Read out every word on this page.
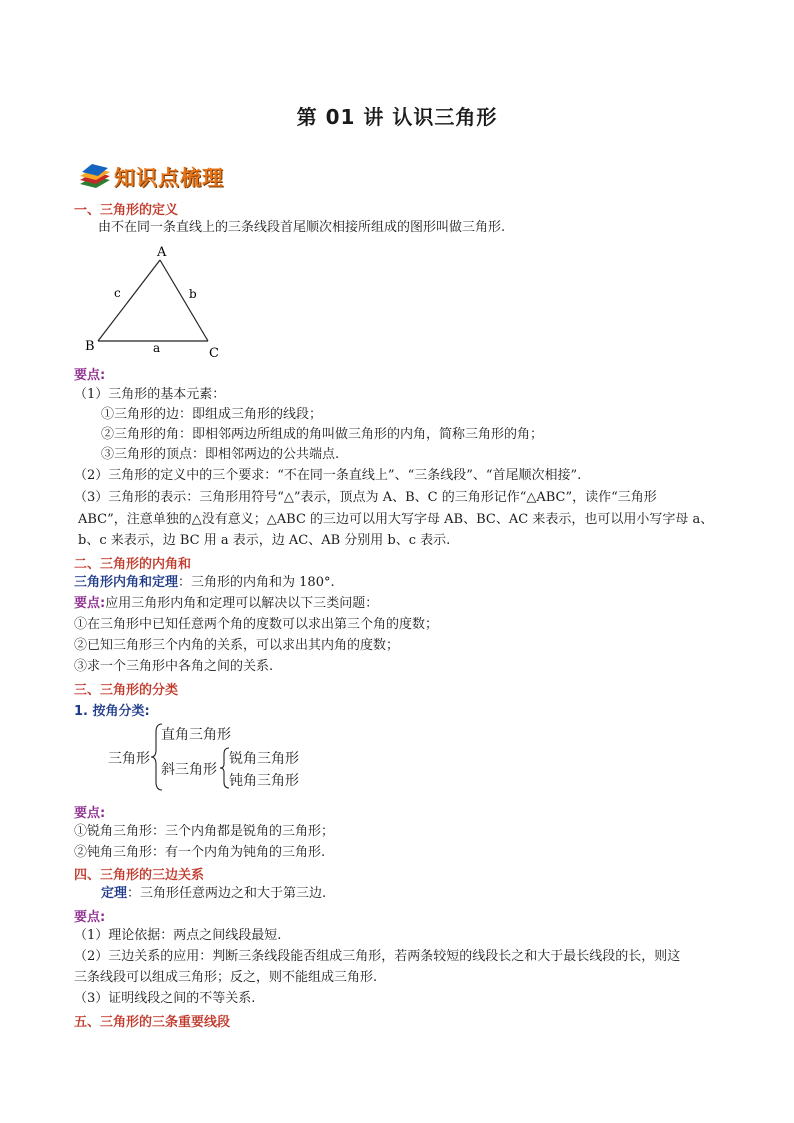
第 01 讲 认识三角形
知识点梳理
一、三角形的定义
由不在同一条直线上的三条线段首尾顺次相接所组成的图形叫做三角形.
A
B	C
a
b
c
要点:
（1）三角形的基本元素：
①三角形的边：即组成三角形的线段；
②三角形的角：即相邻两边所组成的角叫做三角形的内角，简称三角形的角；
③三角形的顶点：即相邻两边的公共端点.
（2）三角形的定义中的三个要求：“不在同一条直线上”、“三条线段”、“首尾顺次相接”.
（3）三角形的表示：三角形用符号“△”表示，顶点为 A、B、C 的三角形记作“△ABC”，读作“三角形
ABC”，注意单独的△没有意义；△ABC 的三边可以用大写字母 AB、BC、AC 来表示，也可以用小写字母 a、
b、c 来表示，边 BC 用 a 表示，边 AC、AB 分别用 b、c 表示.
二、三角形的内角和
三角形内角和定理：三角形的内角和为 180°.
要点:应用三角形内角和定理可以解决以下三类问题：
①在三角形中已知任意两个角的度数可以求出第三个角的度数；
②已知三角形三个内角的关系，可以求出其内角的度数；
③求一个三角形中各角之间的关系.
三、三角形的分类
1. 按角分类:
三角形
直角三角形
斜三角形
锐角三角形
钝角三角形
要点:
①锐角三角形：三个内角都是锐角的三角形；
②钝角三角形：有一个内角为钝角的三角形.
四、三角形的三边关系
定理：三角形任意两边之和大于第三边.
要点:
（1）理论依据：两点之间线段最短.
（2）三边关系的应用：判断三条线段能否组成三角形，若两条较短的线段长之和大于最长线段的长，则这
三条线段可以组成三角形；反之，则不能组成三角形.
（3）证明线段之间的不等关系.
五、三角形的三条重要线段
